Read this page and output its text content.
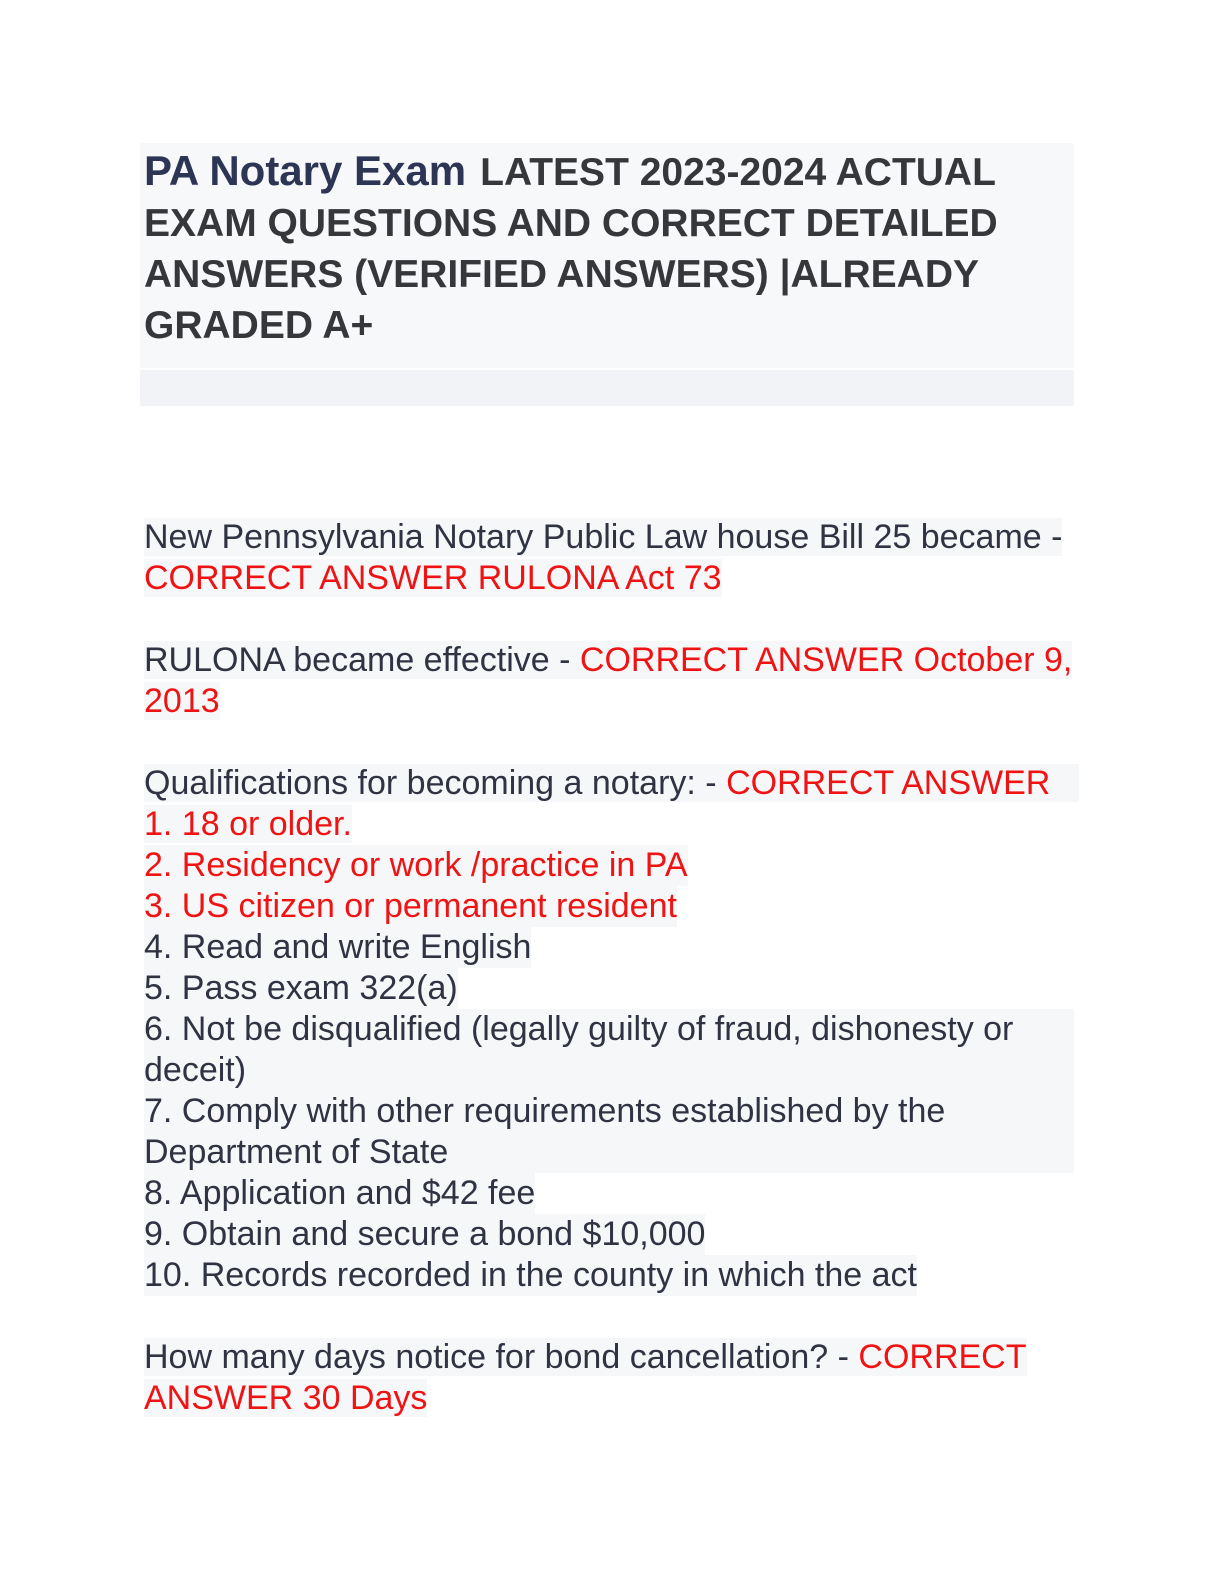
PA Notary Exam LATEST 2023-2024 ACTUAL EXAM QUESTIONS AND CORRECT DETAILED ANSWERS (VERIFIED ANSWERS) |ALREADY GRADED A+

New Pennsylvania Notary Public Law house Bill 25 became - CORRECT ANSWER RULONA Act 73

RULONA became effective - CORRECT ANSWER October 9, 2013

Qualifications for becoming a notary: - CORRECT ANSWER   1. 18 or older.
2. Residency or work /practice in PA
3. US citizen or permanent resident
4. Read and write English
5. Pass exam 322(a)
6. Not be disqualified (legally guilty of fraud, dishonesty or deceit)
7. Comply with other requirements established by the Department of State
8. Application and $42 fee
9. Obtain and secure a bond $10,000
10. Records recorded in the county in which the act

How many days notice for bond cancellation? - CORRECT ANSWER 30 Days
